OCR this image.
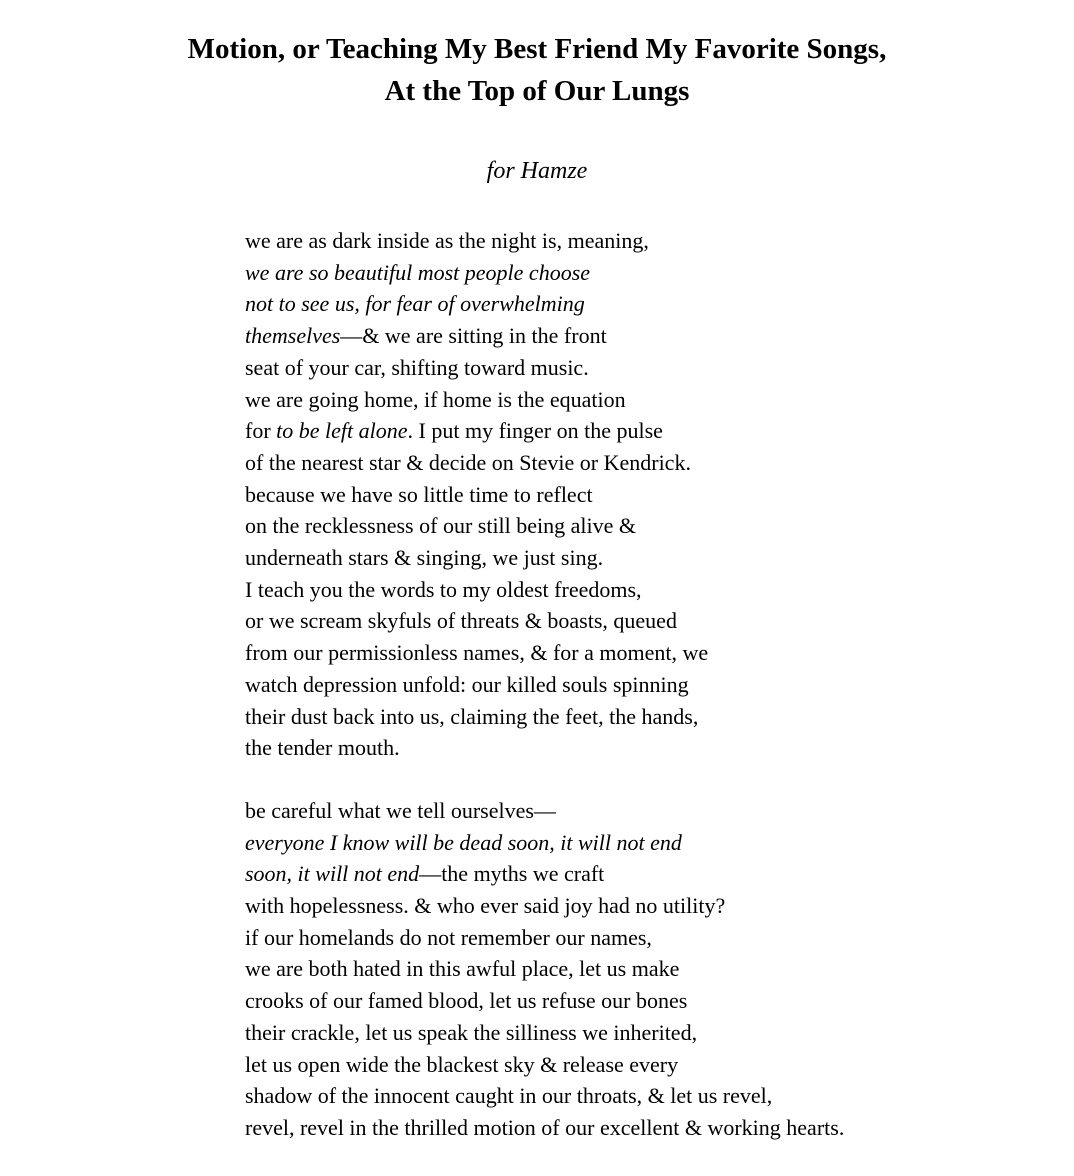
Motion, or Teaching My Best Friend My Favorite Songs,
At the Top of Our Lungs
for Hamze
we are as dark inside as the night is, meaning,
we are so beautiful most people choose
not to see us, for fear of overwhelming
themselves—& we are sitting in the front
seat of your car, shifting toward music.
we are going home, if home is the equation
for to be left alone. I put my finger on the pulse
of the nearest star & decide on Stevie or Kendrick.
because we have so little time to reflect
on the recklessness of our still being alive &
underneath stars & singing, we just sing.
I teach you the words to my oldest freedoms,
or we scream skyfuls of threats & boasts, queued
from our permissionless names, & for a moment, we
watch depression unfold: our killed souls spinning
their dust back into us, claiming the feet, the hands,
the tender mouth.
be careful what we tell ourselves—
everyone I know will be dead soon, it will not end
soon, it will not end—the myths we craft
with hopelessness. & who ever said joy had no utility?
if our homelands do not remember our names,
we are both hated in this awful place, let us make
crooks of our famed blood, let us refuse our bones
their crackle, let us speak the silliness we inherited,
let us open wide the blackest sky & release every
shadow of the innocent caught in our throats, & let us revel,
revel, revel in the thrilled motion of our excellent & working hearts.
